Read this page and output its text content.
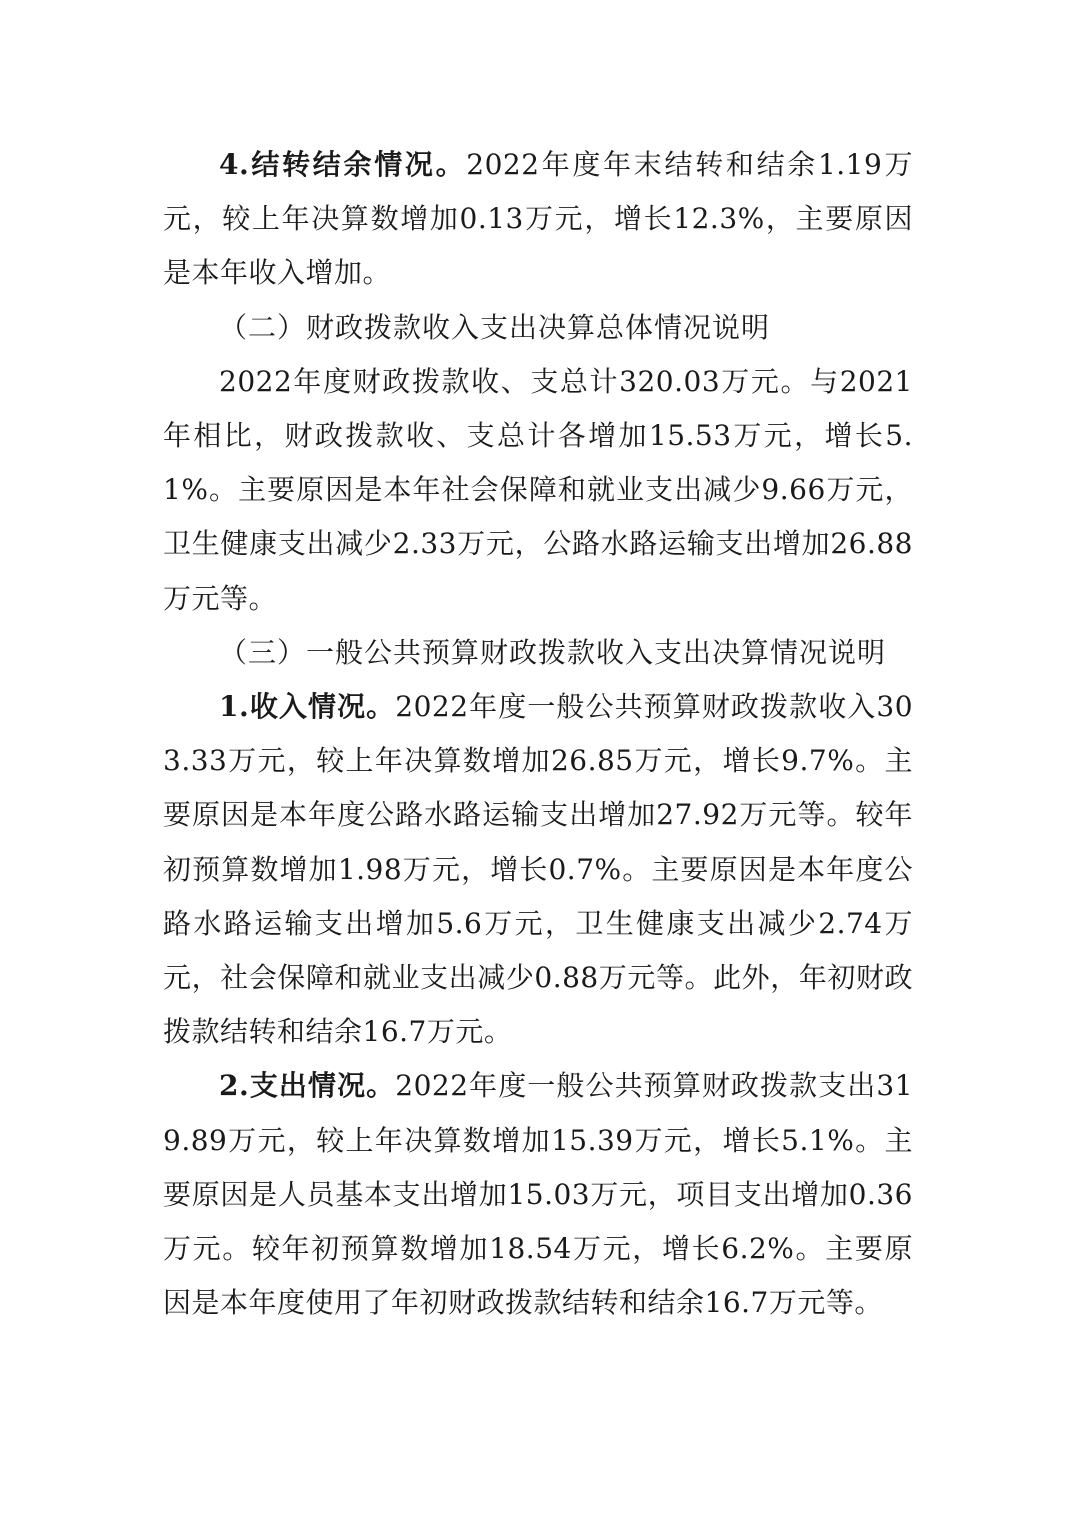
4.结转结余情况。2022年度年末结转和结余1.19万元，较上年决算数增加0.13万元，增长12.3%，主要原因是本年收入增加。

（二）财政拨款收入支出决算总体情况说明

2022年度财政拨款收、支总计320.03万元。与2021年相比，财政拨款收、支总计各增加15.53万元，增长5.1%。主要原因是本年社会保障和就业支出减少9.66万元，卫生健康支出减少2.33万元，公路水路运输支出增加26.88万元等。

（三）一般公共预算财政拨款收入支出决算情况说明

1.收入情况。2022年度一般公共预算财政拨款收入303.33万元，较上年决算数增加26.85万元，增长9.7%。主要原因是本年度公路水路运输支出增加27.92万元等。较年初预算数增加1.98万元，增长0.7%。主要原因是本年度公路水路运输支出增加5.6万元，卫生健康支出减少2.74万元，社会保障和就业支出减少0.88万元等。此外，年初财政拨款结转和结余16.7万元。

2.支出情况。2022年度一般公共预算财政拨款支出319.89万元，较上年决算数增加15.39万元，增长5.1%。主要原因是人员基本支出增加15.03万元，项目支出增加0.36万元。较年初预算数增加18.54万元，增长6.2%。主要原因是本年度使用了年初财政拨款结转和结余16.7万元等。
